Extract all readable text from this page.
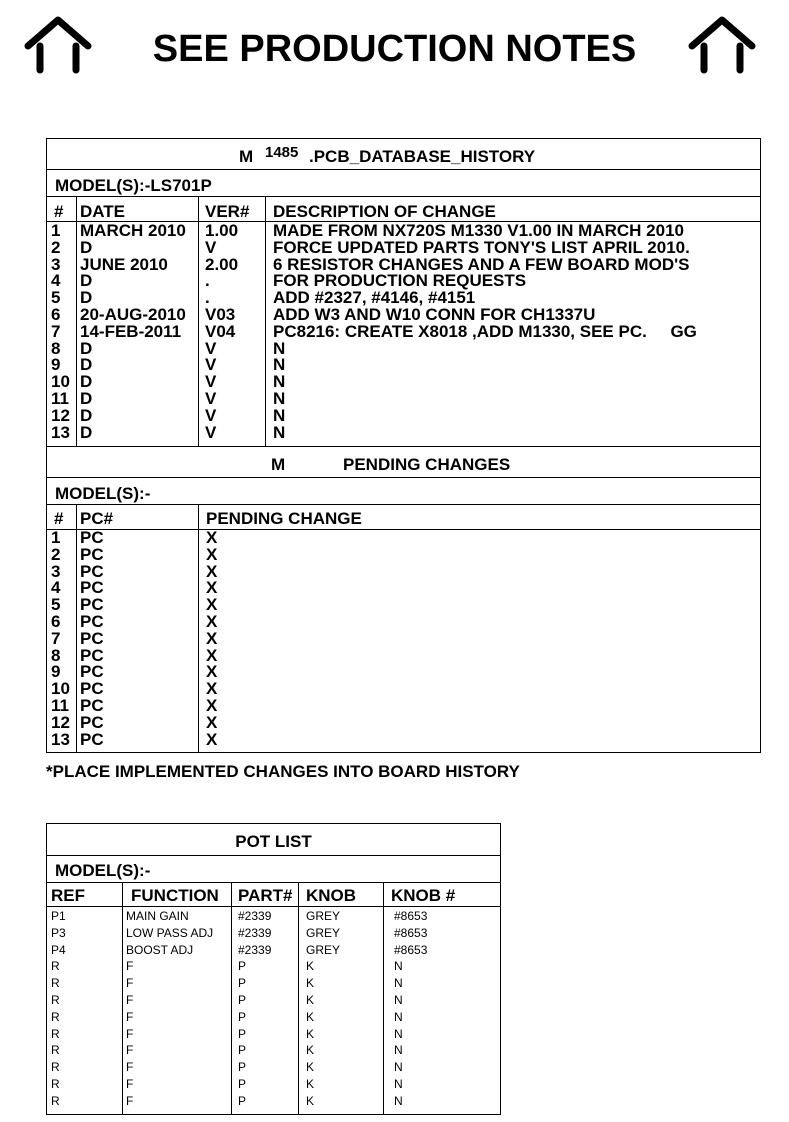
SEE PRODUCTION NOTES
M 1485 .PCB_DATABASE_HISTORY
MODEL(S):-LS701P
# DATE	VER# DESCRIPTION OF CHANGE
1 MARCH 2010 1.00 MADE FROM NX720S M1330 V1.00 IN MARCH 2010
2 D	V	FORCE UPDATED PARTS TONY'S LIST APRIL 2010.
3 JUNE 2010 2.00 6 RESISTOR CHANGES AND A FEW BOARD MOD'S
4 D	.	FOR PRODUCTION REQUESTS
5 D	.	ADD #2327, #4146, #4151
6 20-AUG-2010 V03 ADD W3 AND W10 CONN FOR CH1337U
7 14-FEB-2011 V04 PC8216: CREATE X8018 ,ADD M1330, SEE PC.     GG
8 D	V	N
9 D	V	N
10 D	V	N
11 D	V	N
12 D	V	N
13 D	V	N
M	PENDING CHANGES
MODEL(S):-
# PC#	PENDING CHANGE
1 PC	X
2 PC	X
3 PC	X
4 PC	X
5 PC	X
6 PC	X
7 PC	X
8 PC	X
9 PC	X
10 PC	X
11 PC	X
12 PC	X
13 PC	X
*PLACE IMPLEMENTED CHANGES INTO BOARD HISTORY
POT LIST
MODEL(S):-
REF	FUNCTION PART# KNOB KNOB #
P1	MAIN GAIN	#2339	GREY	#8653
P3	LOW PASS ADJ #2339	GREY	#8653
P4	BOOST ADJ	#2339	GREY	#8653
R	F	P	K	N
R	F	P	K	N
R	F	P	K	N
R	F	P	K	N
R	F	P	K	N
R	F	P	K	N
R	F	P	K	N
R	F	P	K	N
R	F	P	K	N
